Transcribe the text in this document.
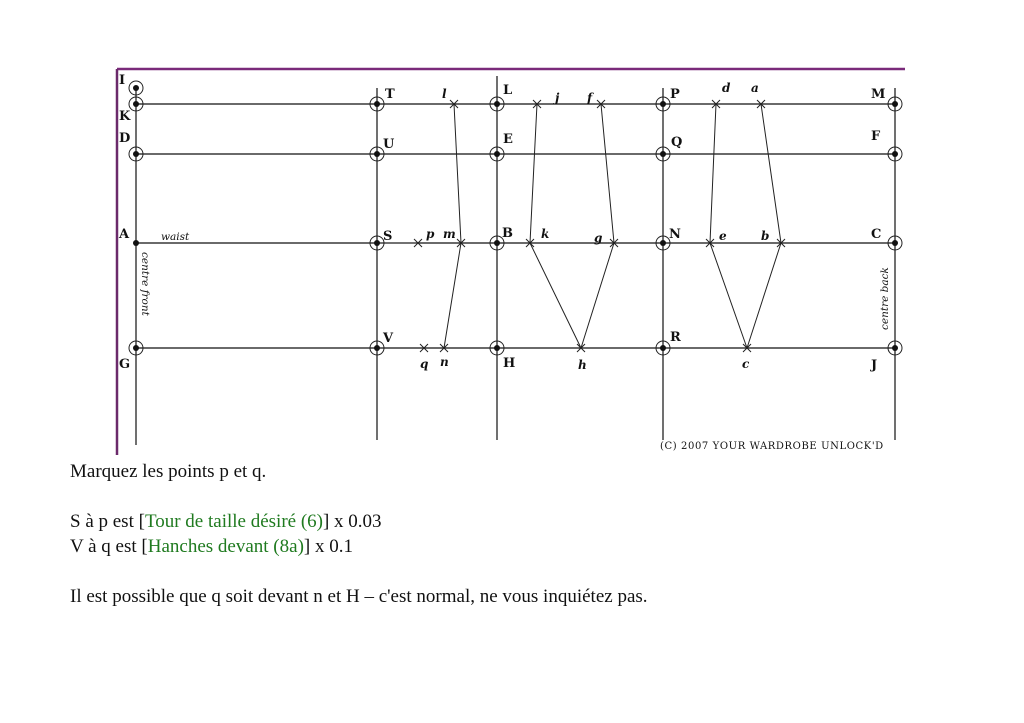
I
K
T	L	P	M
D	U	E	Q	F
A	S	B	N	C
G
V
H
R
J
l	j f
d a
p m	k	g	e	b
q n	h	c
waist
centre front	centre back
(C) 2007 YOUR WARDROBE UNLOCK'D
Marquez les points p et q.
S à p est [Tour de taille désiré (6)] x 0.03
V à q est [Hanches devant (8a)] x 0.1
Il est possible que q soit devant n et H – c'est normal, ne vous inquiétez pas.
